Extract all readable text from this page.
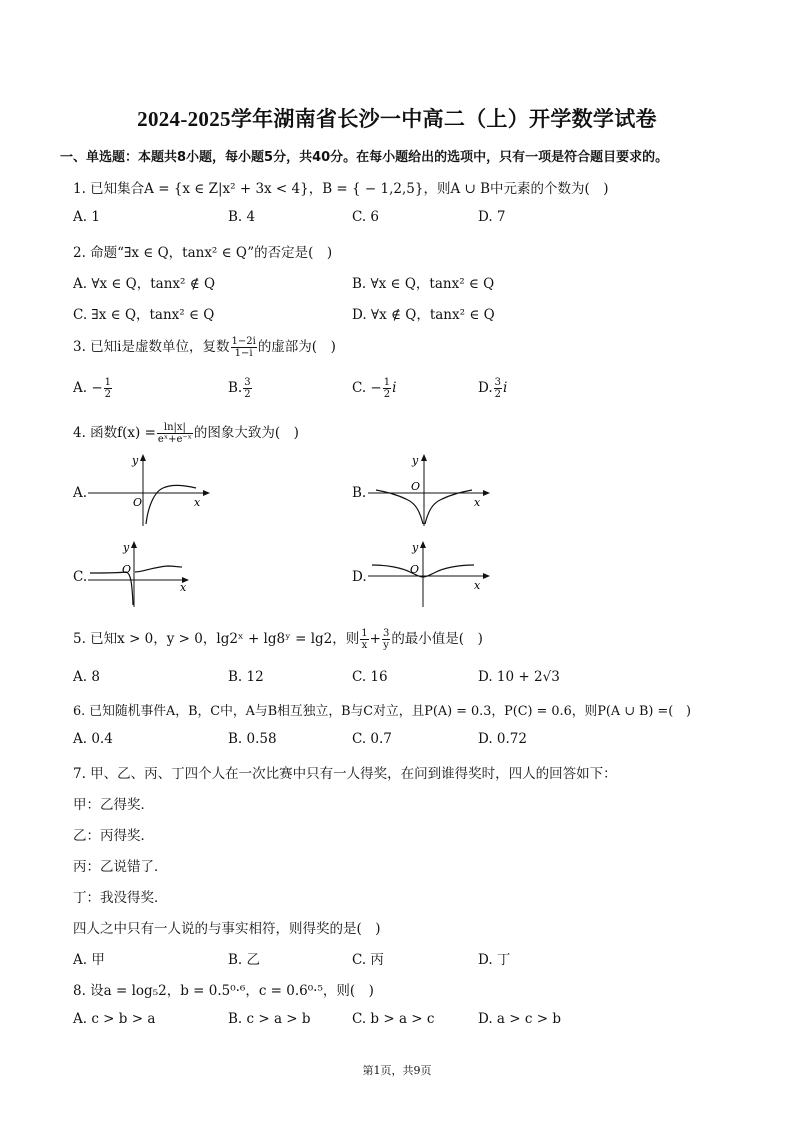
2024-2025学年湖南省长沙一中高二（上）开学数学试卷
一、单选题：本题共8小题，每小题5分，共40分。在每小题给出的选项中，只有一项是符合题目要求的。
1. 已知集合A = {x ∈ Z|x² + 3x < 4}，B = { − 1,2,5}，则A ∪ B中元素的个数为(　)
A. 1	B. 4	C. 6	D. 7
2. 命题“∃x ∈ Q，tanx² ∈ Q”的否定是(　)
A. ∀x ∈ Q，tanx² ∉ Q	B. ∀x ∈ Q，tanx² ∈ Q
C. ∃x ∈ Q，tanx² ∈ Q	D. ∀x ∉ Q，tanx² ∈ Q
3. 已知i是虚数单位，复数 $\frac{1-2i}{1-i}$ 的虚部为(　)
A. − $\frac{1}{2}$	B. $\frac{3}{2}$	C. − $\frac{1}{2}$ i	D. $\frac{3}{2}$ i
4. 函数$f(x) = \frac{\ln|x|}{\text{eˣ+e⁻ˣ}}$ 的图象大致为(　)
A.	B.
C.	D.
y
O	x
y
O
x
y
O
x
y
O
x
5. 已知x > 0，y > 0，lg2ˣ + lg8ʸ = lg2，则 $\frac{1}{x} + \frac{3}{y}$ 的最小值是(　)
A. 8	B. 12	C. 16	D. 10 + 2√3
6. 已知随机事件A，B，C中，A与B相互独立，B与C对立，且P(A) = 0.3，P(C) = 0.6，则P(A ∪ B) =(　)
A. 0.4	B. 0.58	C. 0.7	D. 0.72
7. 甲、乙、丙、丁四个人在一次比赛中只有一人得奖，在问到谁得奖时，四人的回答如下：
甲：乙得奖．
乙：丙得奖．
丙：乙说错了．
丁：我没得奖．
四人之中只有一人说的与事实相符，则得奖的是(　)
A. 甲	B. 乙	C. 丙	D. 丁
8. 设a = log₅2，b = 0.5⁰·⁶，c = 0.6⁰·⁵，则(　)
A. c > b > a	B. c > a > b	C. b > a > c	D. a > c > b
第1页，共9页
